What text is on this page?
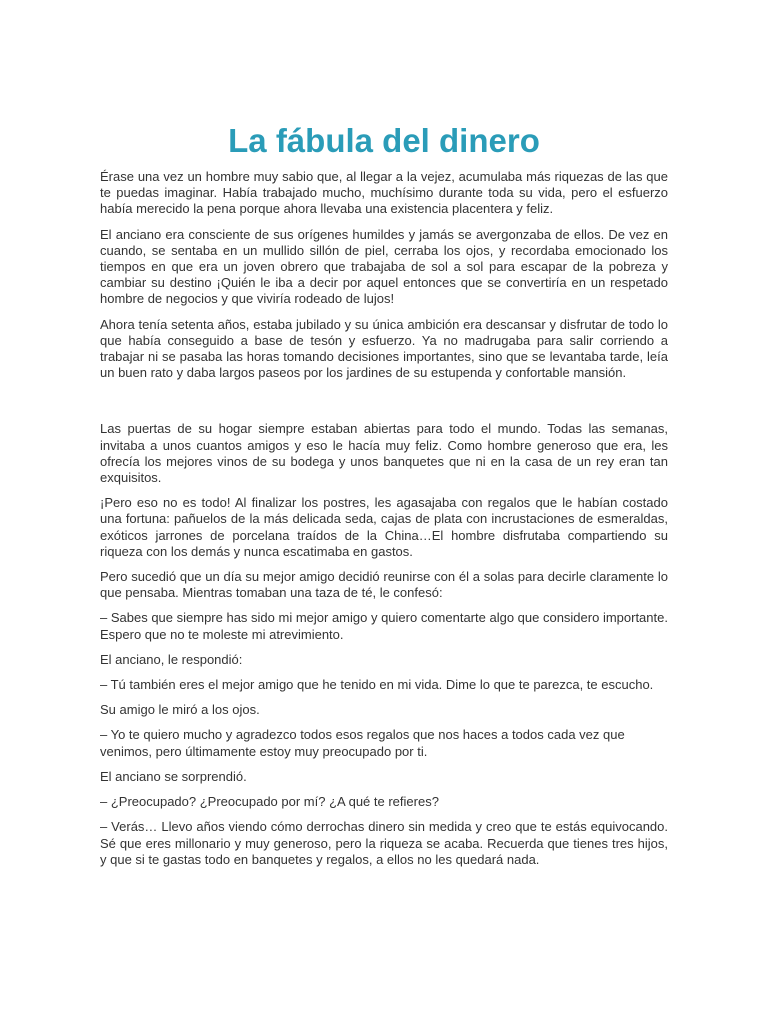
La fábula del dinero

Érase una vez un hombre muy sabio que, al llegar a la vejez, acumulaba más riquezas de las que te puedas imaginar. Había trabajado mucho, muchísimo durante toda su vida, pero el esfuerzo había merecido la pena porque ahora llevaba una existencia placentera y feliz.

El anciano era consciente de sus orígenes humildes y jamás se avergonzaba de ellos. De vez en cuando, se sentaba en un mullido sillón de piel, cerraba los ojos, y recordaba emocionado los tiempos en que era un joven obrero que trabajaba de sol a sol para escapar de la pobreza y cambiar su destino ¡Quién le iba a decir por aquel entonces que se convertiría en un respetado hombre de negocios y que viviría rodeado de lujos!

Ahora tenía setenta años, estaba jubilado y su única ambición era descansar y disfrutar de todo lo que había conseguido a base de tesón y esfuerzo. Ya no madrugaba para salir corriendo a trabajar ni se pasaba las horas tomando decisiones importantes, sino que se levantaba tarde, leía un buen rato y daba largos paseos por los jardines de su estupenda y confortable mansión.

Las puertas de su hogar siempre estaban abiertas para todo el mundo. Todas las semanas, invitaba a unos cuantos amigos y eso le hacía muy feliz. Como hombre generoso que era, les ofrecía los mejores vinos de su bodega y unos banquetes que ni en la casa de un rey eran tan exquisitos.

¡Pero eso no es todo! Al finalizar los postres, les agasajaba con regalos que le habían costado una fortuna: pañuelos de la más delicada seda, cajas de plata con incrustaciones de esmeraldas, exóticos jarrones de porcelana traídos de la China…El hombre disfrutaba compartiendo su riqueza con los demás y nunca escatimaba en gastos.

Pero sucedió que un día su mejor amigo decidió reunirse con él a solas para decirle claramente lo que pensaba. Mientras tomaban una taza de té, le confesó:

– Sabes que siempre has sido mi mejor amigo y quiero comentarte algo que considero importante. Espero que no te moleste mi atrevimiento.

El anciano, le respondió:

– Tú también eres el mejor amigo que he tenido en mi vida. Dime lo que te parezca, te escucho.

Su amigo le miró a los ojos.

– Yo te quiero mucho y agradezco todos esos regalos que nos haces a todos cada vez que venimos, pero últimamente estoy muy preocupado por ti.

El anciano se sorprendió.

– ¿Preocupado? ¿Preocupado por mí? ¿A qué te refieres?

– Verás… Llevo años viendo cómo derrochas dinero sin medida y creo que te estás equivocando. Sé que eres millonario y muy generoso, pero la riqueza se acaba. Recuerda que tienes tres hijos, y que si te gastas todo en banquetes y regalos, a ellos no les quedará nada.
